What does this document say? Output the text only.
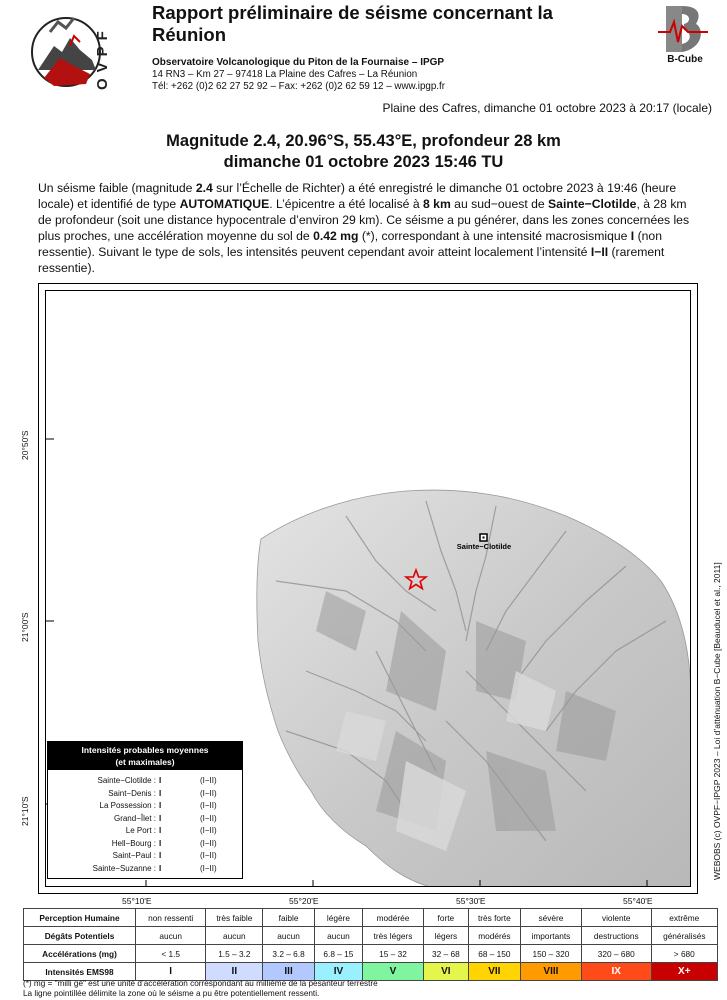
OVPF	B-Cube
Rapport préliminaire de séisme concernant la Réunion
Observatoire Volcanologique du Piton de la Fournaise – IPGP
14 RN3 – Km 27 – 97418 La Plaine des Cafres – La Réunion
Tél: +262 (0)2 62 27 52 92 – Fax: +262 (0)2 62 59 12 – www.ipgp.fr
Plaine des Cafres, dimanche 01 octobre 2023 à 20:17 (locale)
Magnitude 2.4, 20.96°S, 55.43°E, profondeur 28 km
dimanche 01 octobre 2023 15:46 TU
Un séisme faible (magnitude 2.4 sur l’Échelle de Richter) a été enregistré le dimanche 01 octobre 2023 à 19:46 (heure locale) et identifié de type AUTOMATIQUE. L’épicentre a été localisé à 8 km au sud−ouest de Sainte−Clotilde, à 28 km de profondeur (soit une distance hypocentrale d’environ 29 km). Ce séisme a pu générer, dans les zones concernées les plus proches, une accélération moyenne du sol de 0.42 mg (*), correspondant à une intensité macrosismique I (non ressentie). Suivant le type de sols, les intensités peuvent cependant avoir atteint localement l’intensité I−II (rarement ressentie).
Sainte−Clotilde
20°50'S
21°00'S
21°10'S
55°10'E	55°20'E	55°30'E	55°40'E
WEBOBS (c) OVPF−IPGP 2023 – Loi d’atténuation B−Cube [Beauducel et al., 2011]
Intensités probables moyennes
(et maximales)
Sainte−Clotilde : I	(I−II)
Saint−Denis : I	(I−II)
La Possession : I	(I−II)
Grand−Îlet : I	(I−II)
Le Port : I	(I−II)
Hell−Bourg : I	(I−II)
Saint−Paul : I	(I−II)
Sainte−Suzanne : I	(I−II)
Perception Humaine	non ressenti	très faible	faible	légère	modérée	forte	très forte	sévère	violente	extrême
Dégâts Potentiels	aucun	aucun	aucun	aucun	très légers	légers	modérés	importants	destructions	généralisés
Accélérations (mg)	< 1.5	1.5 – 3.2	3.2 – 6.8	6.8 – 15	15 – 32	32 – 68	68 – 150	150 – 320	320 – 680	> 680
Intensités EMS98	I	II	III	IV	V	VI	VII	VIII	IX	X+
(*) mg = "milli gé" est une unité d’accélération correspondant au millième de la pesanteur terrestre
La ligne pointillée délimite la zone où le séisme a pu être potentiellement ressenti.
